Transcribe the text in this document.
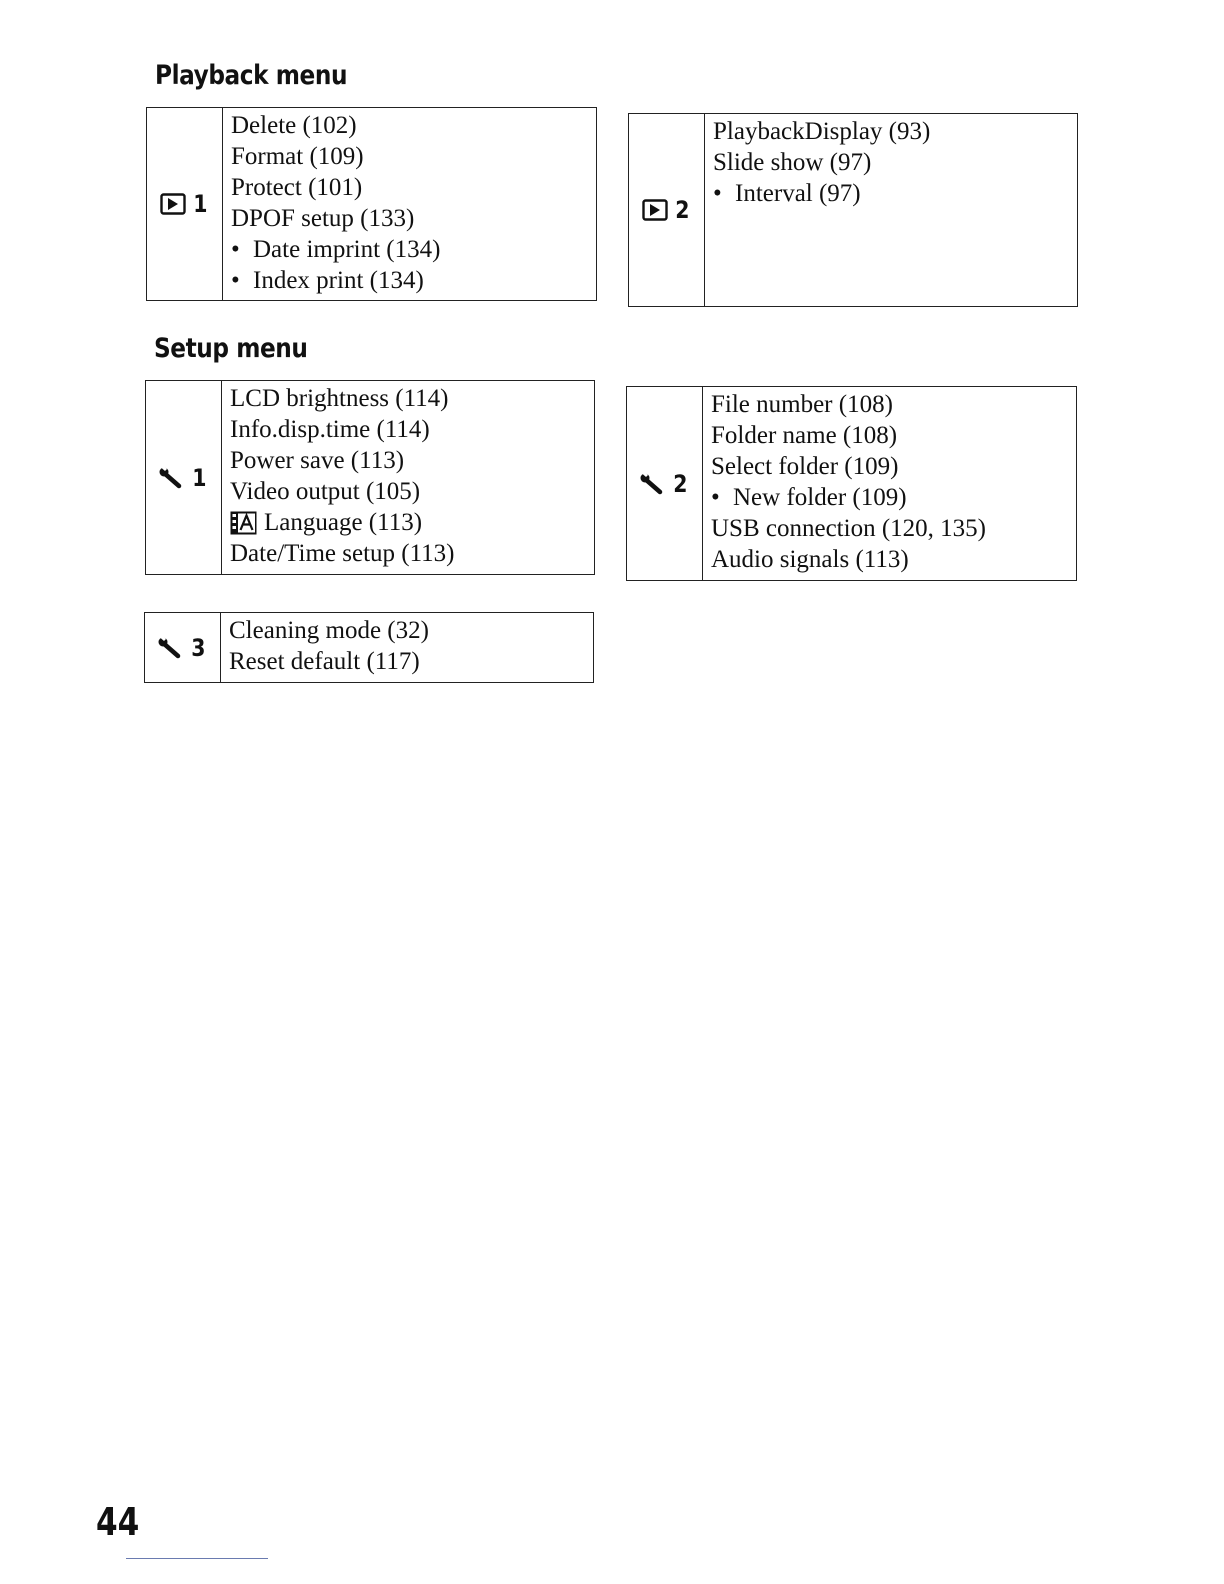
Playback menu
1
Delete (102)
Format (109)
Protect (101)
DPOF setup (133)
• Date imprint (134)
• Index print (134)
2
PlaybackDisplay (93)
Slide show (97)
• Interval (97)
Setup menu
1
LCD brightness (114)
Info.disp.time (114)
Power save (113)
Video output (105)
Language (113)
Date/Time setup (113)
2
File number (108)
Folder name (108)
Select folder (109)
• New folder (109)
USB connection (120, 135)
Audio signals (113)
3
Cleaning mode (32)
Reset default (117)

44
